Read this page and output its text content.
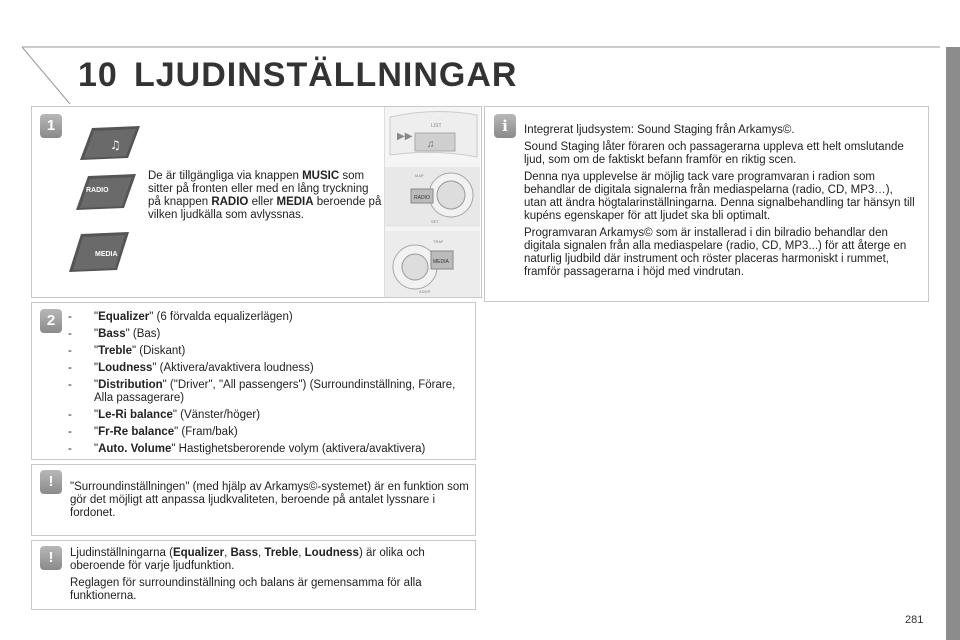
10 LJUDINSTÄLLNINGAR
1
♫
RADIO
MEDIA
De är tillgängliga via knappen MUSIC som sitter på fronten eller med en lång tryckning på knappen RADIO eller MEDIA beroende på vilken ljudkälla som avlyssnas.
▶▶
LIST
♫
RADIO
MAP
SET
MEDIA
TRAF
ADDR
2	-	"Equalizer" (6 förvalda equalizerlägen)
-	"Bass" (Bas)
-	"Treble" (Diskant)
-	"Loudness" (Aktivera/avaktivera loudness)
-	"Distribution" ("Driver", "All passengers") (Surroundinställning, Förare, Alla passagerare)
-	"Le-Ri balance" (Vänster/höger)
-	"Fr-Re balance" (Fram/bak)
-	"Auto. Volume" Hastighetsberorende volym (aktivera/avaktivera)
!	"Surroundinställningen" (med hjälp av Arkamys©-systemet) är en funktion som gör det möjligt att anpassa ljudkvaliteten, beroende på antalet lyssnare i fordonet.
!	Ljudinställningarna (Equalizer, Bass, Treble, Loudness) är olika och oberoende för varje ljudfunktion.

Reglagen för surroundinställning och balans är gemensamma för alla funktionerna.

i	Integrerat ljudsystem: Sound Staging från Arkamys©.

Sound Staging låter föraren och passagerarna uppleva ett helt omslutande ljud, som om de faktiskt befann framför en riktig scen.

Denna nya upplevelse är möjlig tack vare programvaran i radion som behandlar de digitala signalerna från mediaspelarna (radio, CD, MP3…), utan att ändra högtalarinställningarna. Denna signalbehandling tar hänsyn till kupéns egenskaper för att ljudet ska bli optimalt.

Programvaran Arkamys© som är installerad i din bilradio behandlar den digitala signalen från alla mediaspelare (radio, CD, MP3...) för att återge en naturlig ljudbild där instrument och röster placeras harmoniskt i rummet, framför passagerarna i höjd med vindrutan.

281
